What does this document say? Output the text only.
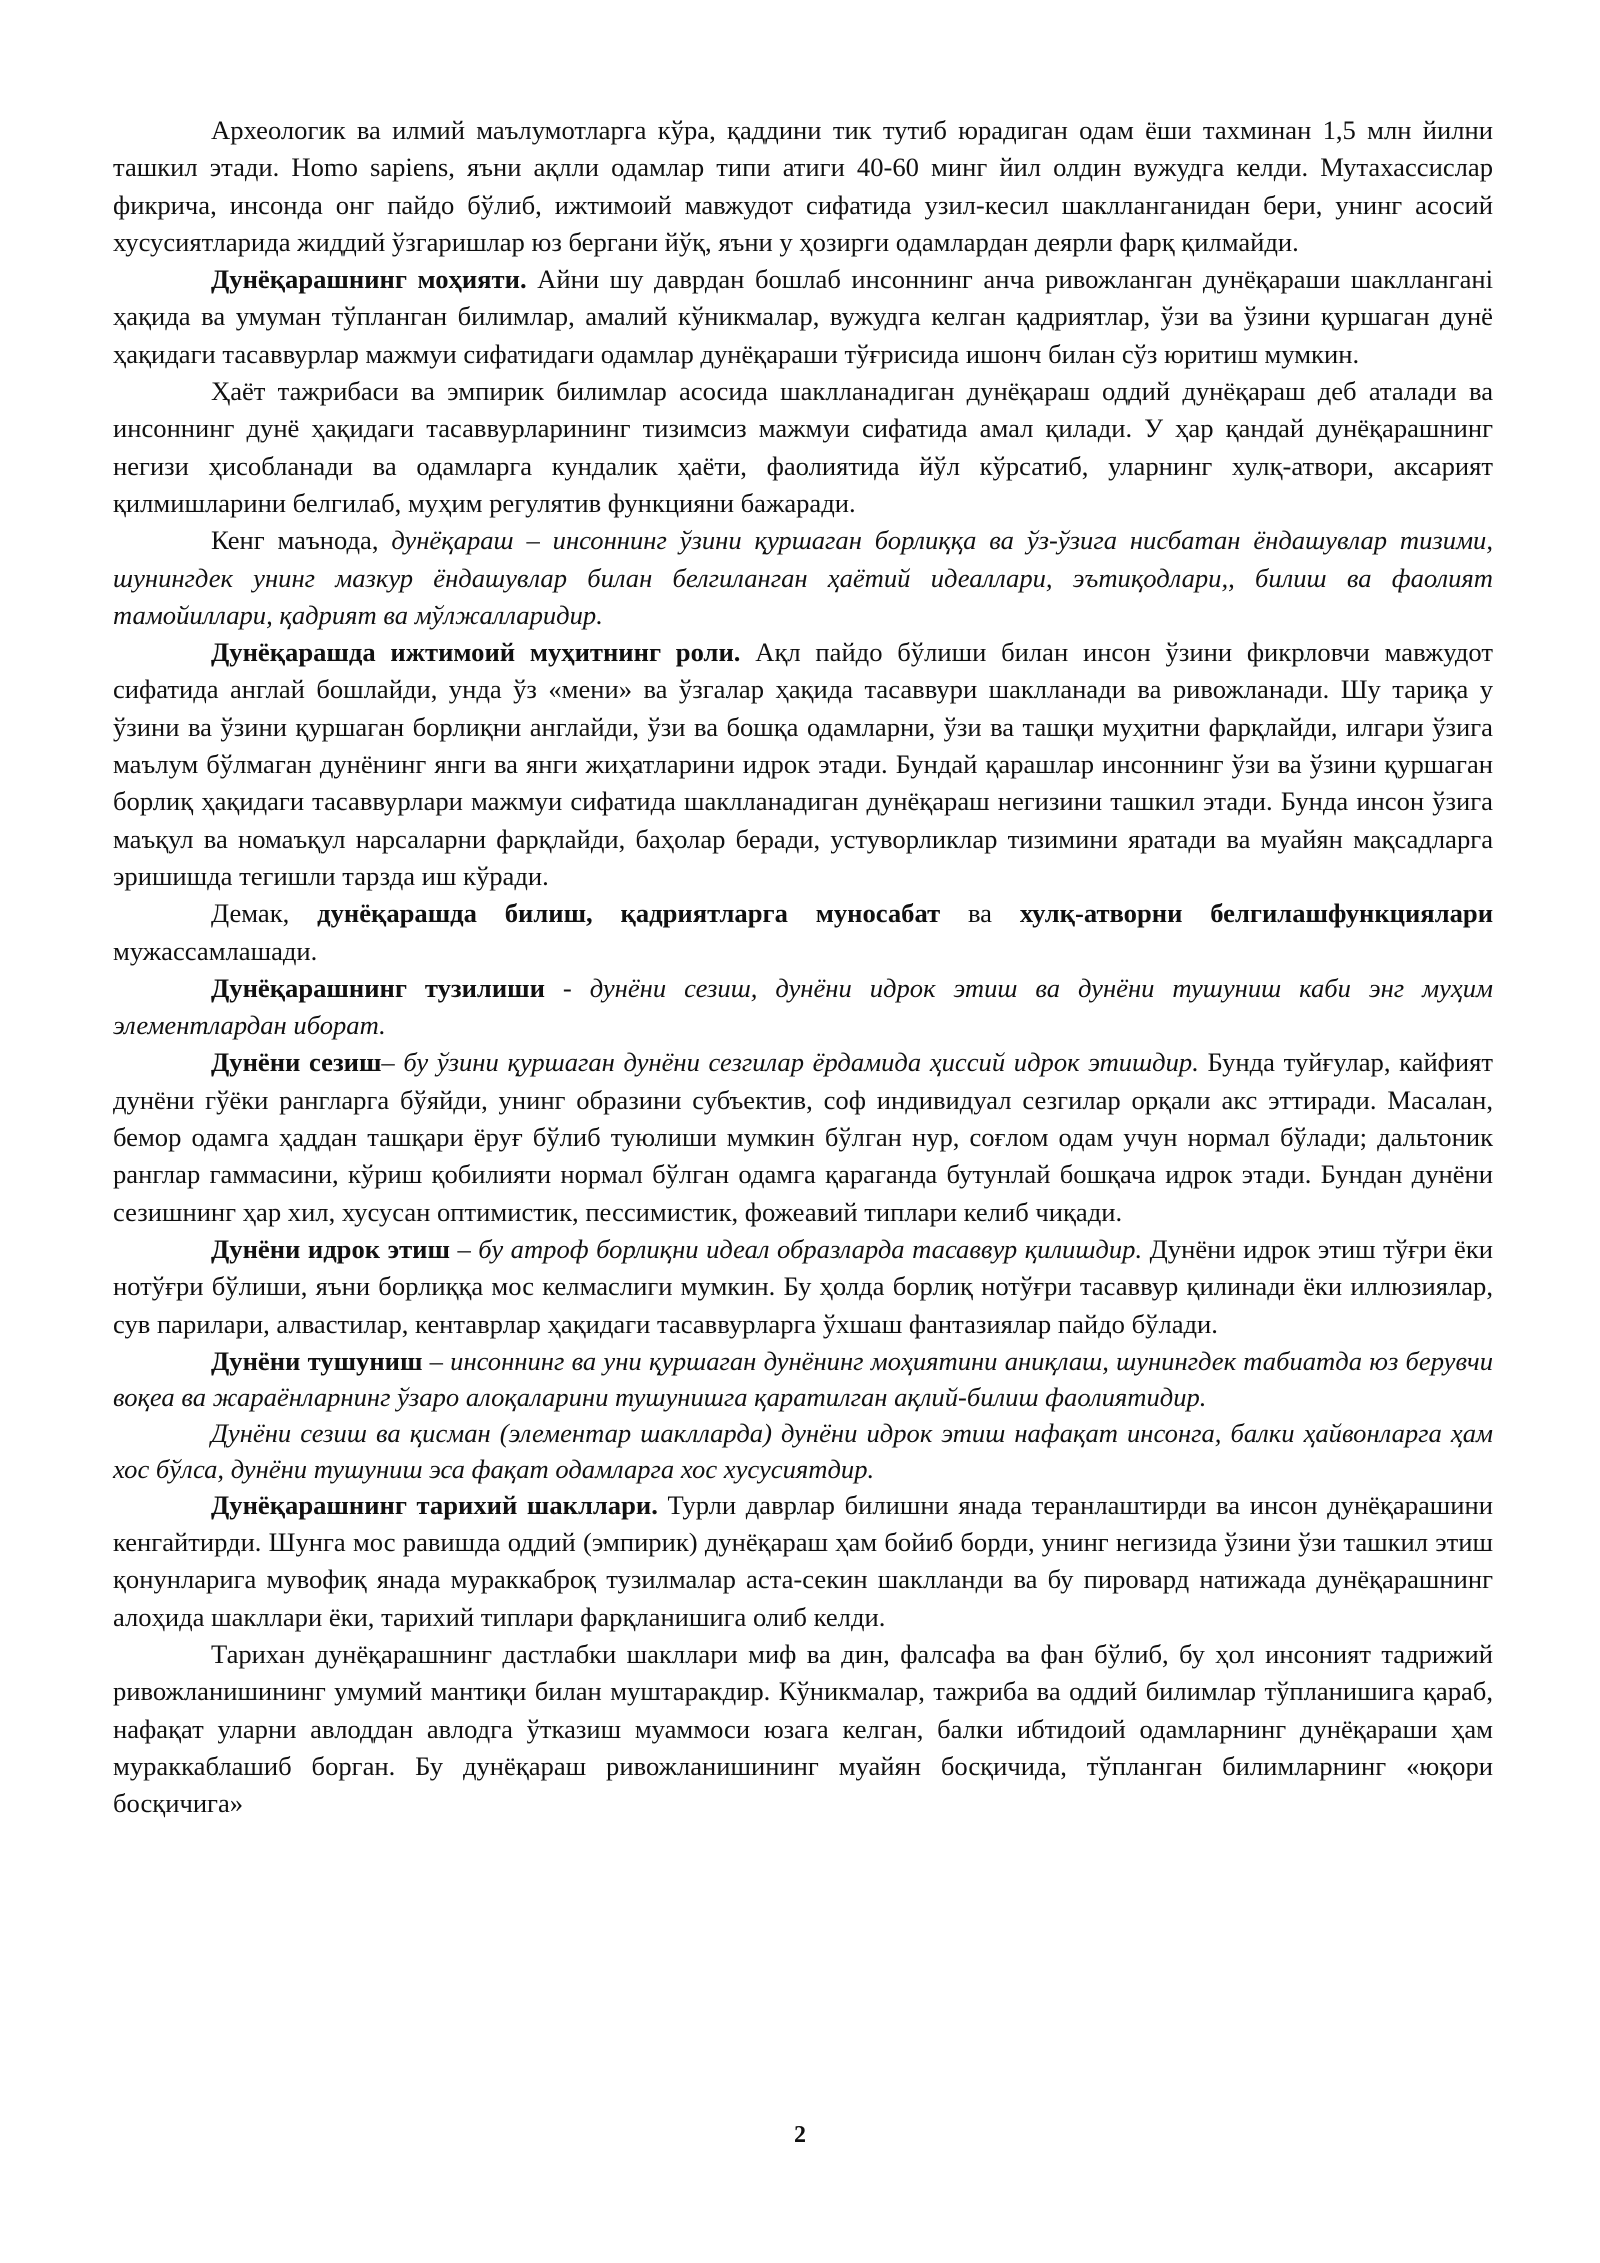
Археологик ва илмий маълумотларга кўра, қаддини тик тутиб юрадиган одам ёши тахминан 1,5 млн йилни ташкил этади. Homo sapiens, яъни ақлли одамлар типи атиги 40-60 минг йил олдин вужудга келди. Мутахассислар фикрича, инсонда онг пайдо бўлиб, ижтимоий мавжудот сифатида узил-кесил шаклланганидан бери, унинг асосий хусусиятларида жиддий ўзгаришлар юз бергани йўқ, яъни у ҳозирги одамлардан деярли фарқ қилмайди.

Дунёқарашнинг моҳияти. Айни шу даврдан бошлаб инсоннинг анча ривожланган дунёқараши шаклланганi ҳақида ва умуман тўпланган билимлар, амалий кўникмалар, вужудга келган қадриятлар, ўзи ва ўзини қуршаган дунё ҳақидаги тасаввурлар мажмуи сифатидаги одамлар дунёқараши тўғрисида ишонч билан сўз юритиш мумкин.

Ҳаёт тажрибаси ва эмпирик билимлар асосида шаклланадиган дунёқараш оддий дунёқараш деб аталади ва инсоннинг дунё ҳақидаги тасаввурларининг тизимсиз мажмуи сифатида амал қилади. У ҳар қандай дунёқарашнинг негизи ҳисобланади ва одамларга кундалик ҳаёти, фаолиятида йўл кўрсатиб, уларнинг хулқ-атвори, аксарият қилмишларини белгилаб, муҳим регулятив функцияни бажаради.

Кенг маънода, дунёқараш – инсоннинг ўзини қуршаган борлиққа ва ўз-ўзига нисбатан ёндашувлар тизими, шунингдек унинг мазкур ёндашувлар билан белгиланган ҳаётий идеаллари, эътиқодлари,, билиш ва фаолият тамойиллари, қадрият ва мўлжалларидир.

Дунёқарашда ижтимоий муҳитнинг роли. Ақл пайдо бўлиши билан инсон ўзини фикрловчи мавжудот сифатида англай бошлайди, унда ўз «мени» ва ўзгалар ҳақида тасаввури шаклланади ва ривожланади. Шу тариқа у ўзини ва ўзини қуршаган борлиқни англайди, ўзи ва бошқа одамларни, ўзи ва ташқи муҳитни фарқлайди, илгари ўзига маълум бўлмаган дунёнинг янги ва янги жиҳатларини идрок этади. Бундай қарашлар инсоннинг ўзи ва ўзини қуршаган борлиқ ҳақидаги тасаввурлари мажмуи сифатида шаклланадиган дунёқараш негизини ташкил этади. Бунда инсон ўзига маъқул ва номаъқул нарсаларни фарқлайди, баҳолар беради, устуворликлар тизимини яратади ва муайян мақсадларга эришишда тегишли тарзда иш кўради.

Демак, дунёқарашда билиш, қадриятларга муносабат ва хулқ-атворни белгилашфункциялари мужассамлашади.

Дунёқарашнинг тузилиши - дунёни сезиш, дунёни идрок этиш ва дунёни тушуниш каби энг муҳим элементлардан иборат.

Дунёни сезиш– бу ўзини қуршаган дунёни сезгилар ёрдамида ҳиссий идрок этишдир. Бунда туйғулар, кайфият дунёни гўёки рангларга бўяйди, унинг образини субъектив, соф индивидуал сезгилар орқали акс эттиради. Масалан, бемор одамга ҳаддан ташқари ёруғ бўлиб туюлиши мумкин бўлган нур, соғлом одам учун нормал бўлади; дальтоник ранглар гаммасини, кўриш қобилияти нормал бўлган одамга қараганда бутунлай бошқача идрок этади. Бундан дунёни сезишнинг ҳар хил, хусусан оптимистик, пессимистик, фожеавий типлари келиб чиқади.

Дунёни идрок этиш – бу атроф борлиқни идеал образларда тасаввур қилишдир. Дунёни идрок этиш тўғри ёки нотўғри бўлиши, яъни борлиққа мос келмаслиги мумкин. Бу ҳолда борлиқ нотўғри тасаввур қилинади ёки иллюзиялар, сув парилари, алвастилар, кентаврлар ҳақидаги тасаввурларга ўхшаш фантазиялар пайдо бўлади.

Дунёни тушуниш – инсоннинг ва уни қуршаган дунёнинг моҳиятини аниқлаш, шунингдек табиатда юз берувчи воқеа ва жараёнларнинг ўзаро алоқаларини тушунишга қаратилган ақлий-билиш фаолиятидир.

Дунёни сезиш ва қисман (элементар шаклларда) дунёни идрок этиш нафақат инсонга, балки ҳайвонларга ҳам хос бўлса, дунёни тушуниш эса фақат одамларга хос хусусиятдир.

Дунёқарашнинг тарихий шакллари. Турли даврлар билишни янада теранлаштирди ва инсон дунёқарашини кенгайтирди. Шунга мос равишда оддий (эмпирик) дунёқараш ҳам бойиб борди, унинг негизида ўзини ўзи ташкил этиш қонунларига мувофиқ янада мураккаброқ тузилмалар аста-секин шаклланди ва бу пировард натижада дунёқарашнинг алоҳида шакллари ёки, тарихий типлари фарқланишига олиб келди.

Тарихан дунёқарашнинг дастлабки шакллари миф ва дин, фалсафа ва фан бўлиб, бу ҳол инсоният тадрижий ривожланишининг умумий мантиқи билан муштаракдир. Кўникмалар, тажриба ва оддий билимлар тўпланишига қараб, нафақат уларни авлоддан авлодга ўтказиш муаммоси юзага келган, балки ибтидоий одамларнинг дунёқараши ҳам мураккаблашиб борган. Бу дунёқараш ривожланишининг муайян босқичида, тўпланган билимларнинг «юқори босқичига»

2
